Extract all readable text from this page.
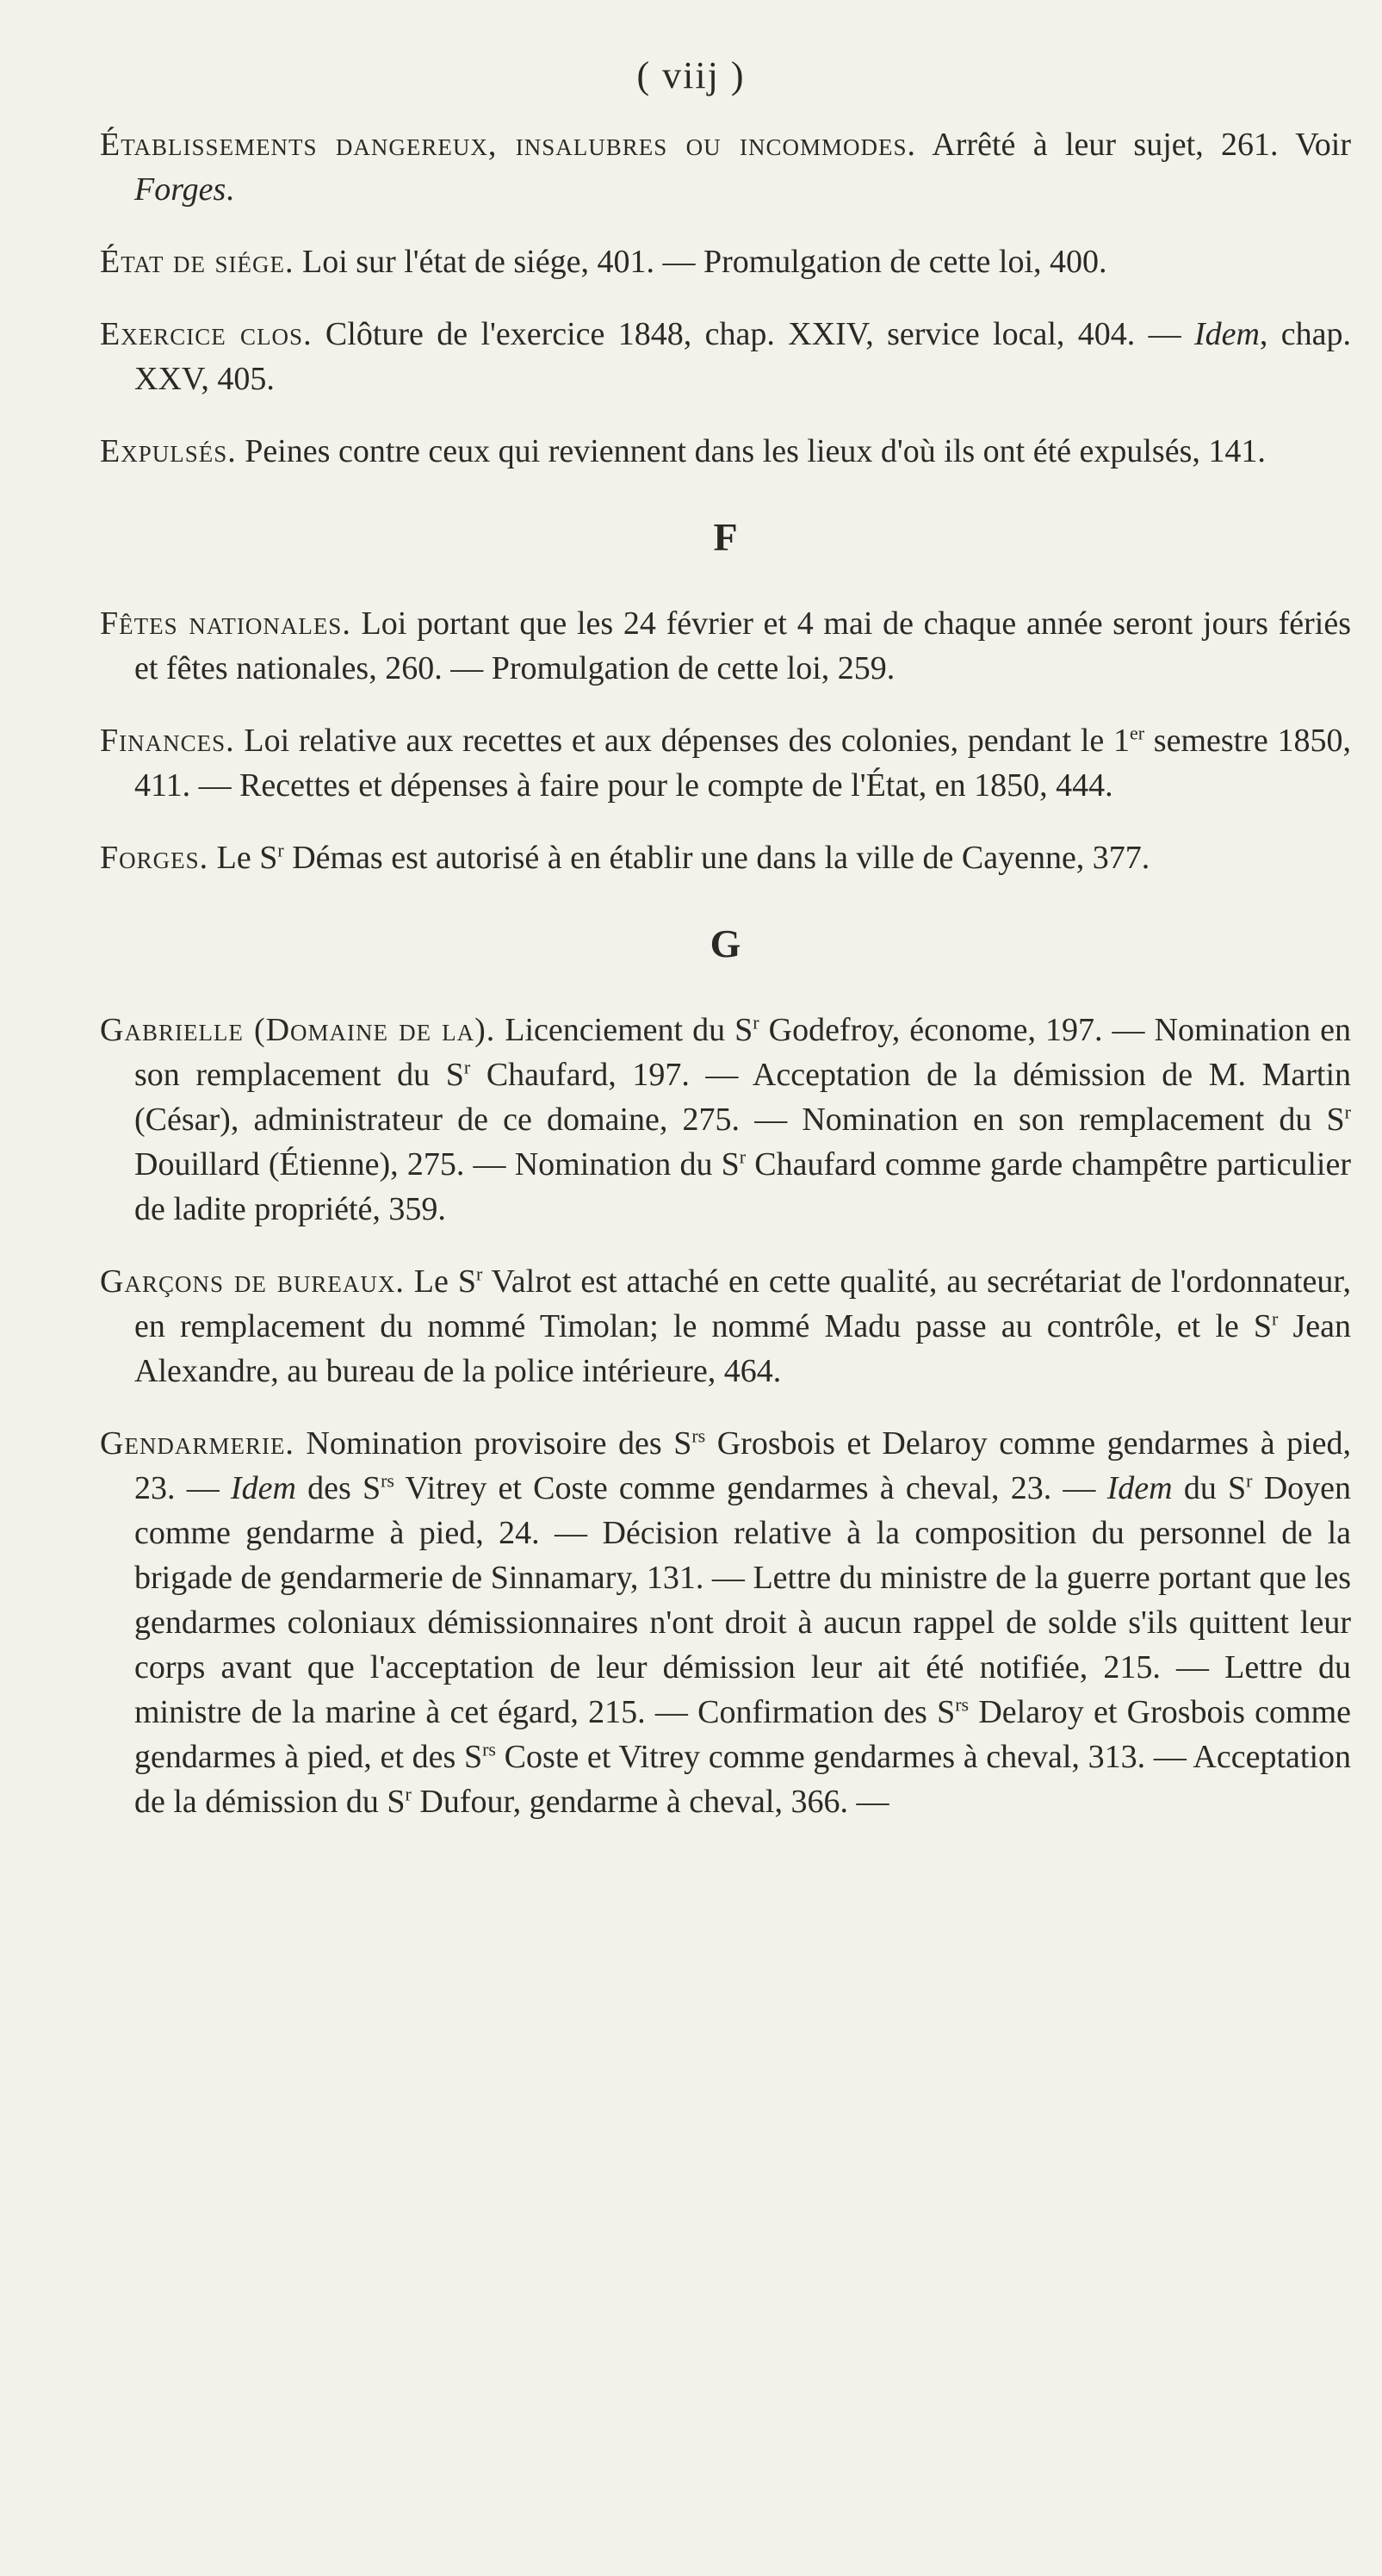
( viij )

Établissements dangereux, insalubres ou incommodes. Arrêté à leur sujet, 261. Voir Forges.

État de siége. Loi sur l'état de siége, 401. — Promulgation de cette loi, 400.

Exercice clos. Clôture de l'exercice 1848, chap. XXIV, service local, 404. — Idem, chap. XXV, 405.

Expulsés. Peines contre ceux qui reviennent dans les lieux d'où ils ont été expulsés, 141.

F

Fêtes nationales. Loi portant que les 24 février et 4 mai de chaque année seront jours fériés et fêtes nationales, 260. — Promulgation de cette loi, 259.

Finances. Loi relative aux recettes et aux dépenses des colonies, pendant le 1er semestre 1850, 411. — Recettes et dépenses à faire pour le compte de l'État, en 1850, 444.

Forges. Le $S^r$ Démas est autorisé à en établir une dans la ville de Cayenne, 377.

G

Gabrielle (Domaine de la). Licenciement du $S^r$ Godefroy, économe, 197. — Nomination en son remplacement du $S^r$ Chaufard, 197. — Acceptation de la démission de M. Martin (César), administrateur de ce domaine, 275. — Nomination en son remplacement du $S^r$ Douillard (Étienne), 275. — Nomination du $S^r$ Chaufard comme garde champêtre particulier de ladite propriété, 359.

Garçons de bureaux. Le $S^r$ Valrot est attaché en cette qualité, au secrétariat de l'ordonnateur, en remplacement du nommé Timolan; le nommé Madu passe au contrôle, et le $S^r$ Jean Alexandre, au bureau de la police intérieure, 464.

Gendarmerie. Nomination provisoire des $S^{rs}$ Grosbois et Delaroy comme gendarmes à pied, 23. — Idem des $S^{rs}$ Vitrey et Coste comme gendarmes à cheval, 23. — Idem du $S^r$ Doyen comme gendarme à pied, 24. — Décision relative à la composition du personnel de la brigade de gendarmerie de Sinnamary, 131. — Lettre du ministre de la guerre portant que les gendarmes coloniaux démissionnaires n'ont droit à aucun rappel de solde s'ils quittent leur corps avant que l'acceptation de leur démission leur ait été notifiée, 215. — Lettre du ministre de la marine à cet égard, 215. — Confirmation des $S^{rs}$ Delaroy et Grosbois comme gendarmes à pied, et des $S^{rs}$ Coste et Vitrey comme gendarmes à cheval, 313. — Acceptation de la démission du $S^r$ Dufour, gendarme à cheval, 366. —
